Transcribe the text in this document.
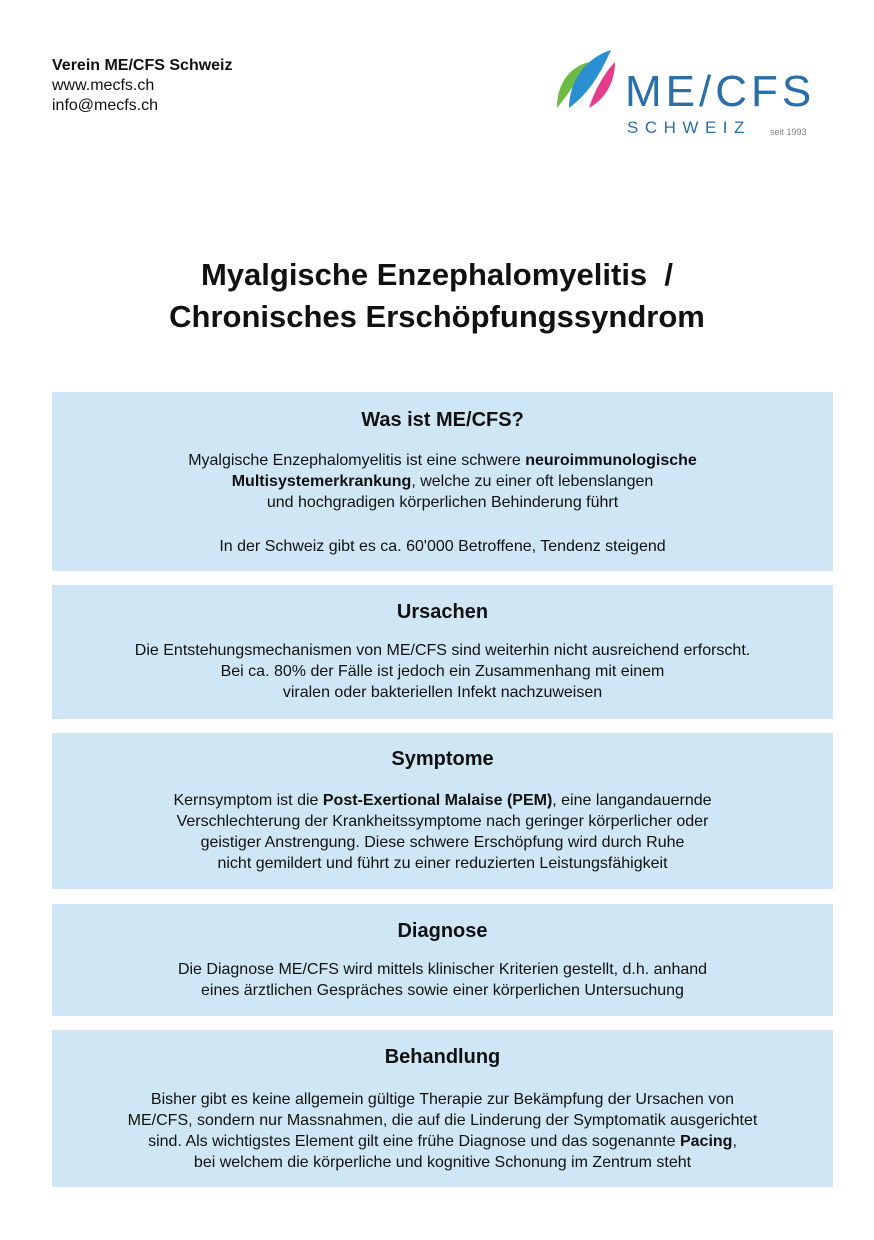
Verein ME/CFS Schweiz
www.mecfs.ch
info@mecfs.ch	ME/CFS
SCHWEIZ seit 1993
Myalgische Enzephalomyelitis  /
Chronisches Erschöpfungssyndrom
Was ist ME/CFS?

Myalgische Enzephalomyelitis ist eine schwere neuroimmunologische
Multisystemerkrankung, welche zu einer oft lebenslangen
und hochgradigen körperlichen Behinderung führt

In der Schweiz gibt es ca. 60'000 Betroffene, Tendenz steigend

Ursachen

Die Entstehungsmechanismen von ME/CFS sind weiterhin nicht ausreichend erforscht.
Bei ca. 80% der Fälle ist jedoch ein Zusammenhang mit einem
viralen oder bakteriellen Infekt nachzuweisen

Symptome

Kernsymptom ist die Post-Exertional Malaise (PEM), eine langandauernde
Verschlechterung der Krankheitssymptome nach geringer körperlicher oder
geistiger Anstrengung. Diese schwere Erschöpfung wird durch Ruhe
nicht gemildert und führt zu einer reduzierten Leistungsfähigkeit

Diagnose

Die Diagnose ME/CFS wird mittels klinischer Kriterien gestellt, d.h. anhand
eines ärztlichen Gespräches sowie einer körperlichen Untersuchung

Behandlung

Bisher gibt es keine allgemein gültige Therapie zur Bekämpfung der Ursachen von
ME/CFS, sondern nur Massnahmen, die auf die Linderung der Symptomatik ausgerichtet
sind. Als wichtigstes Element gilt eine frühe Diagnose und das sogenannte Pacing,
bei welchem die körperliche und kognitive Schonung im Zentrum steht
